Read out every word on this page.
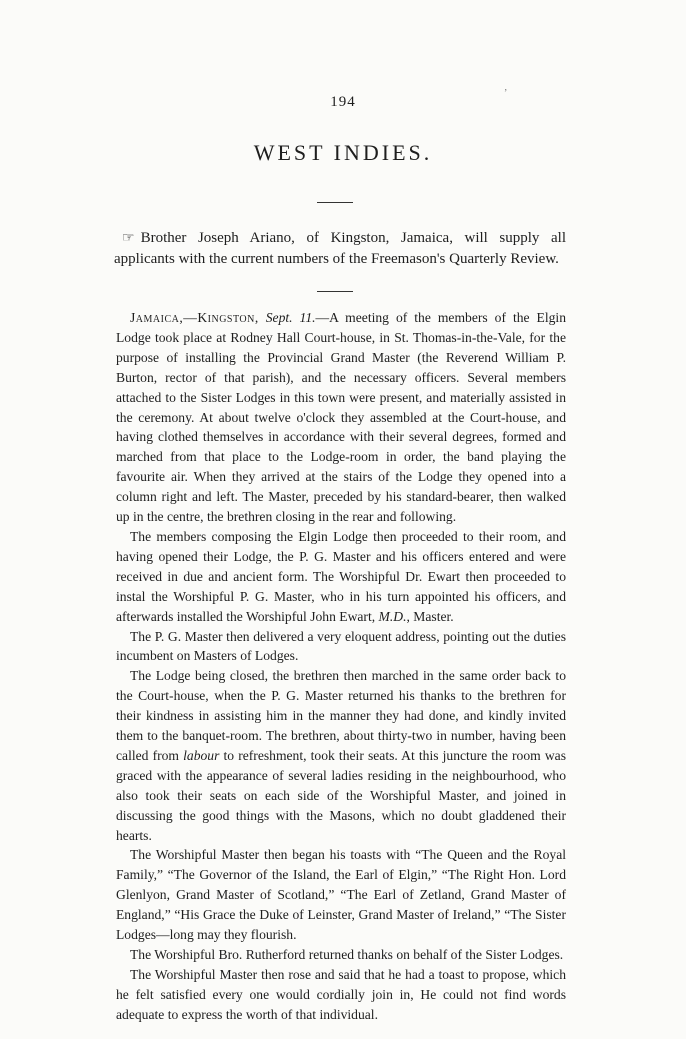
194
’
WEST INDIES.

☞ Brother Joseph Ariano, of Kingston, Jamaica, will supply all applicants with the current numbers of the Freemason's Quarterly Review.

Jamaica,—Kingston, Sept. 11.—A meeting of the members of the Elgin Lodge took place at Rodney Hall Court-house, in St. Thomas-in-the-Vale, for the purpose of installing the Provincial Grand Master (the Reverend William P. Burton, rector of that parish), and the necessary officers. Several members attached to the Sister Lodges in this town were present, and materially assisted in the ceremony. At about twelve o'clock they assembled at the Court-house, and having clothed themselves in accordance with their several degrees, formed and marched from that place to the Lodge-room in order, the band playing the favourite air. When they arrived at the stairs of the Lodge they opened into a column right and left. The Master, preceded by his standard-bearer, then walked up in the centre, the brethren closing in the rear and following.

The members composing the Elgin Lodge then proceeded to their room, and having opened their Lodge, the P. G. Master and his officers entered and were received in due and ancient form. The Worshipful Dr. Ewart then proceeded to instal the Worshipful P. G. Master, who in his turn appointed his officers, and afterwards installed the Worshipful John Ewart, M.D., Master.

The P. G. Master then delivered a very eloquent address, pointing out the duties incumbent on Masters of Lodges.

The Lodge being closed, the brethren then marched in the same order back to the Court-house, when the P. G. Master returned his thanks to the brethren for their kindness in assisting him in the manner they had done, and kindly invited them to the banquet-room. The brethren, about thirty-two in number, having been called from labour to refreshment, took their seats. At this juncture the room was graced with the appearance of several ladies residing in the neighbourhood, who also took their seats on each side of the Worshipful Master, and joined in discussing the good things with the Masons, which no doubt gladdened their hearts.

The Worshipful Master then began his toasts with “The Queen and the Royal Family,” “The Governor of the Island, the Earl of Elgin,” “The Right Hon. Lord Glenlyon, Grand Master of Scotland,” “The Earl of Zetland, Grand Master of England,” “His Grace the Duke of Leinster, Grand Master of Ireland,” “The Sister Lodges—long may they flourish.

The Worshipful Bro. Rutherford returned thanks on behalf of the Sister Lodges.

The Worshipful Master then rose and said that he had a toast to propose, which he felt satisfied every one would cordially join in, He could not find words adequate to express the worth of that individual.
